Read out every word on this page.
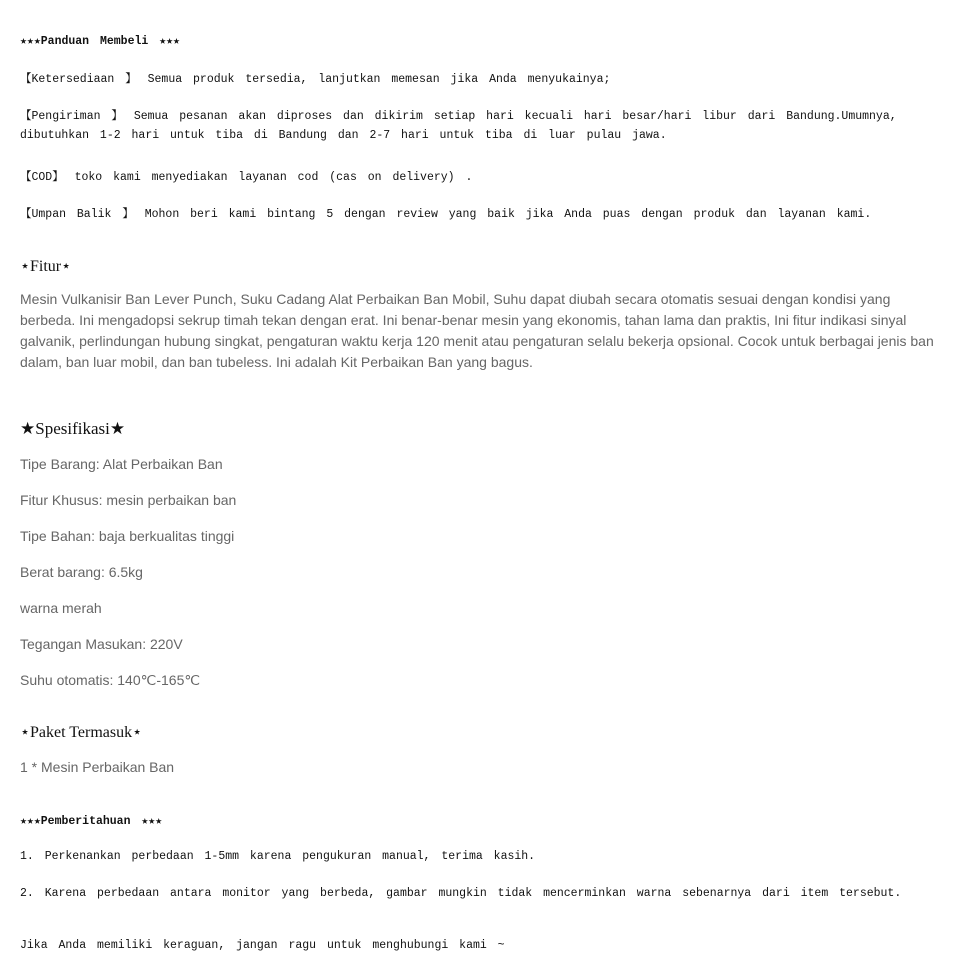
★★★Panduan Membeli ★★★

【Ketersediaan 】 Semua produk tersedia, lanjutkan memesan jika Anda menyukainya;

【Pengiriman 】 Semua pesanan akan diproses dan dikirim setiap hari kecuali hari besar/hari libur dari Bandung.Umumnya,

dibutuhkan 1-2 hari untuk tiba di Bandung dan 2-7 hari untuk tiba di luar pulau jawa.

【COD】 toko kami menyediakan layanan cod (cas on delivery) .

【Umpan Balik 】 Mohon beri kami bintang 5 dengan review yang baik jika Anda puas dengan produk dan layanan kami.

⋆Fitur⋆

Mesin Vulkanisir Ban Lever Punch, Suku Cadang Alat Perbaikan Ban Mobil, Suhu dapat diubah secara otomatis sesuai dengan kondisi yang berbeda. Ini mengadopsi sekrup timah tekan dengan erat. Ini benar-benar mesin yang ekonomis, tahan lama dan praktis, Ini fitur indikasi sinyal galvanik, perlindungan hubung singkat, pengaturan waktu kerja 120 menit atau pengaturan selalu bekerja opsional. Cocok untuk berbagai jenis ban dalam, ban luar mobil, dan ban tubeless. Ini adalah Kit Perbaikan Ban yang bagus.

★Spesifikasi★

Tipe Barang: Alat Perbaikan Ban

Fitur Khusus: mesin perbaikan ban

Tipe Bahan: baja berkualitas tinggi

Berat barang: 6.5kg

warna merah

Tegangan Masukan: 220V

Suhu otomatis: 140℃-165℃

⋆Paket Termasuk⋆

1 * Mesin Perbaikan Ban

★★★Pemberitahuan ★★★

1. Perkenankan perbedaan 1-5mm karena pengukuran manual, terima kasih.

2. Karena perbedaan antara monitor yang berbeda, gambar mungkin tidak mencerminkan warna sebenarnya dari item tersebut.

Jika Anda memiliki keraguan, jangan ragu untuk menghubungi kami ~
